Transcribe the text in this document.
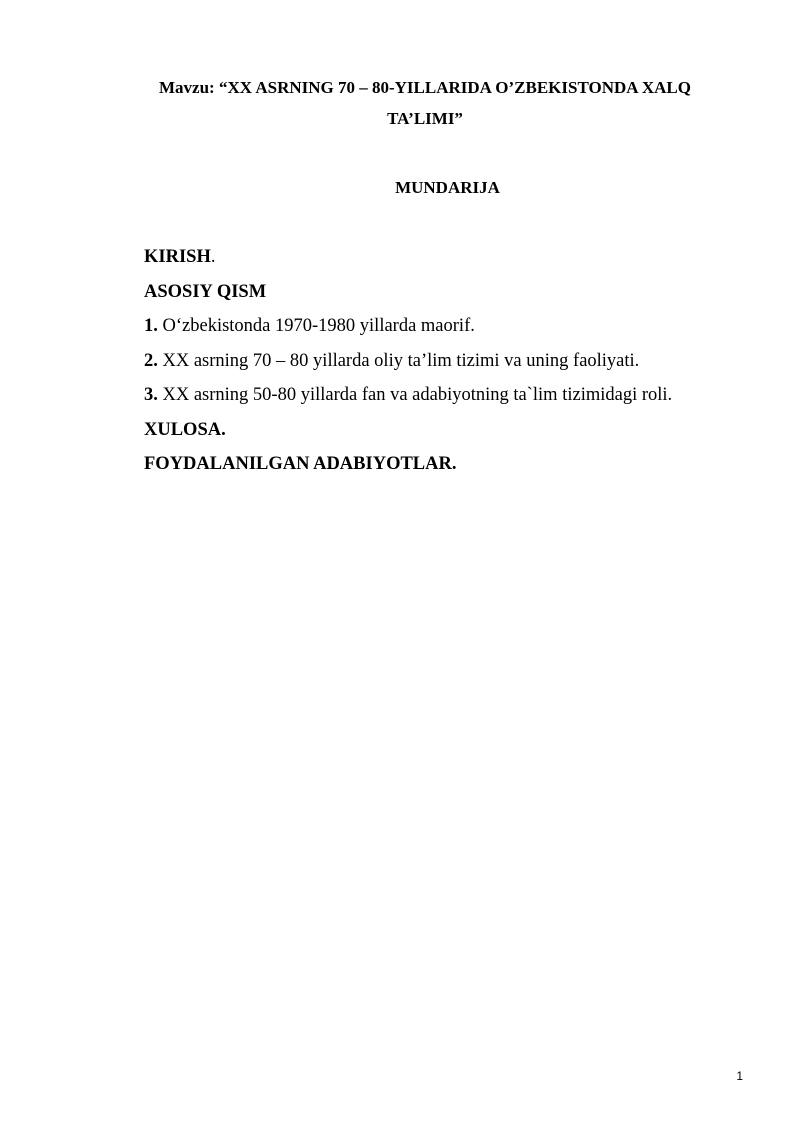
Mavzu: “XX ASRNING 70 – 80-YILLARIDA O’ZBEKISTONDA XALQ
TA’LIMI”
MUNDARIJA
KIRISH.
ASOSIY QISM
1. O‘zbekistonda 1970-1980 yillarda maorif.
2. XX asrning 70 – 80 yillarda oliy ta’lim tizimi va uning faoliyati.
3. XX asrning 50-80 yillarda fan va adabiyotning ta`lim tizimidagi roli.
XULOSA.
FOYDALANILGAN ADABIYOTLAR.
1
